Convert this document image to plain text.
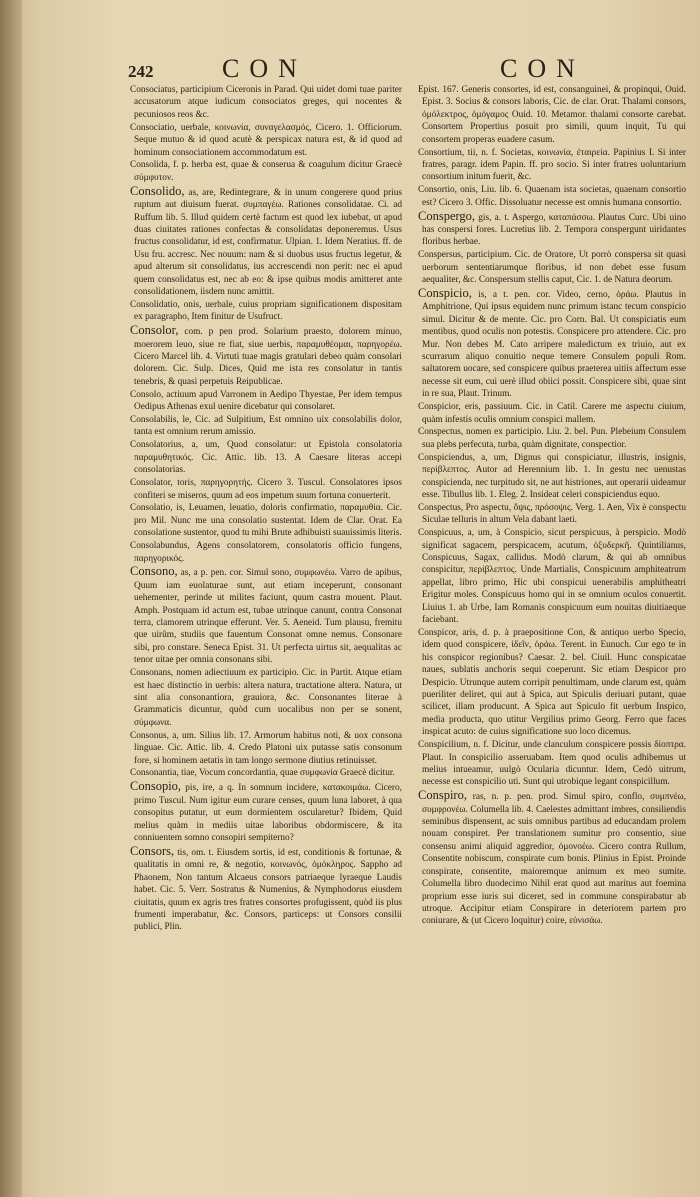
242	CON	CON

Consociatus, participium Ciceronis in Parad. Qui uidet domi tuae pariter accusatorum atque iudicum consociatos greges, qui nocentes & pecuniosos reos &c.

Consociatio, uerbale, κοινωνία, συναγελασμός, Cicero. 1. Officiorum. Seque mutuo & id quod acutè & perspicax natura est, & id quod ad hominum consociationem accommodatum est.

Consolida, f. p. herba est, quae & conserua & coagulum dicitur Graecè σύμφυτον.

Consolido, as, are, Redintegrare, & in unum congerere quod prius ruptum aut diuisum fuerat. συμπαγέω. Rationes consolidatae. Ci. ad Ruffum lib. 5. Illud quidem certè factum est quod lex iubebat, ut apud duas ciuitates rationes confectas & consolidatas deponeremus. Usus fructus consolidatur, id est, confirmatur. Ulpian. 1. Idem Neratius. ff. de Usu fru. accresc. Nec nouum: nam & si duobus usus fructus legetur, & apud alterum sit consolidatus, ius accrescendi non perit: nec ei apud quem consolidatus est, nec ab eo: & ipse quibus modis amitteret ante consolidationem, iisdem nunc amittit.

Consolidatio, onis, uerbale, cuius propriam significationem dispositam ex paragrapho, Item finitur de Usufruct.

Consolor, com. p pen prod. Solarium praesto, dolorem minuo, moerorem leuo, siue re fiat, siue uerbis, παραμυθέομαι, παρηγορέω. Cicero Marcel lib. 4. Virtuti tuae magis gratulari debeo quàm consolari dolorem. Cic. Sulp. Dices, Quid me ista res consolatur in tantis tenebris, & quasi perpetuis Reipublicae.

Consolo, actiuum apud Varronem in Aedipo Thyestae, Per idem tempus Oedipus Athenas exul uenire dicebatur qui consolaret.

Consolabilis, le, Cic. ad Sulpitium, Est omnino uix consolabilis dolor, tanta est omnium rerum amissio.

Consolatorius, a, um, Quod consolatur: ut Epistola consolatoria παραμυθητικός. Cic. Attic. lib. 13. A Caesare literas accepi consolatorias.

Consolator, toris, παρηγορητής. Cicero 3. Tuscul. Consolatores ipsos confiteri se miseros, quum ad eos impetum suum fortuna conuerterit.

Consolatio, is, Leuamen, leuatio, doloris confirmatio, παραμυθία. Cic. pro Mil. Nunc me una consolatio sustentat. Idem de Clar. Orat. Ea consolatione sustentor, quod tu mihi Brute adhibuisti suauissimis literis.

Consolabundus, Agens consolatorem, consolatoris officio fungens, παρηγορικός.

Consono, as, a p. pen. cor. Simul sono, συμφωνέω. Varro de apibus, Quum iam euolaturae sunt, aut etiam inceperunt, consonant uehementer, perinde ut milites faciunt, quum castra mouent. Plaut. Amph. Postquam id actum est, tubae utrinque canunt, contra Consonat terra, clamorem utrinque efferunt. Ver. 5. Aeneid. Tum plausu, fremitu que uirûm, studiis que fauentum Consonat omne nemus. Consonare sibi, pro constare. Seneca Epist. 31. Ut perfecta uirtus sit, aequalitas ac tenor uitae per omnia consonans sibi.

Consonans, nomen adiectiuum ex participio. Cic. in Partit. Atque etiam est haec distinctio in uerbis: altera natura, tractatione altera. Natura, ut sint alia consonantiora, grauiora, &c. Consonantes literae à Grammaticis dicuntur, quòd cum uocalibus non per se sonent, σύμφωνα.

Consonus, a, um. Silius lib. 17. Armorum habitus noti, & uox consona linguae. Cic. Attic. lib. 4. Credo Platoni uix putasse satis consonum fore, si hominem aetatis in tam longo sermone diutius retinuisset.

Consonantia, tiae, Vocum concordantia, quae συμφωνία Graecè dicitur.

Consopio, pis, ire, a q. In somnum incidere, κατακοιμάω. Cicero, primo Tuscul. Num igitur eum curare censes, quum luna laboret, à qua consopitus putatur, ut eum dormientem oscularetur? Ibidem, Quid melius quàm in mediis uitae laboribus obdormiscere, & ita conniuentem somno consopiri sempiterno?

Consors, tis, om. t. Eiusdem sortis, id est, conditionis & fortunae, & qualitatis in omni re, & negotio, κοινωνός, ὁμόκληρος. Sappho ad Phaonem, Non tantum Alcaeus consors patriaeque lyraeque Laudis habet. Cic. 5. Verr. Sostratus & Numenius, & Nymphodorus eiusdem ciuitatis, quum ex agris tres fratres consortes profugissent, quòd iis plus frumenti imperabatur, &c. Consors, particeps: ut Consors consilii publici, Plin.

Epist. 167. Generis consortes, id est, consanguinei, & propinqui, Ouid. Epist. 3. Socius & consors laboris, Cic. de clar. Orat. Thalami consors, ὁμόλεκτρος, ὁμόγαμος Ouid. 10. Metamor. thalami consorte carebat. Consortem Propertius posuit pro simili, quum inquit, Tu qui consortem properas euadere casum.

Consortium, tii, n. f. Societas, κοινωνία, ἐταιρεία. Papinius I. Si inter fratres, paragr. idem Papin. ff. pro socio. Si inter fratres uoluntarium consortium initum fuerit, &c.

Consortio, onis, Liu. lib. 6. Quaenam ista societas, quaenam consortio est? Cicero 3. Offic. Dissoluatur necesse est omnis humana consortio.

Conspergo, gis, a. t. Aspergo, καταπάσσω. Plautus Curc. Ubi uino has conspersi fores. Lucretius lib. 2. Tempora conspergunt uiridantes floribus herbae.

Conspersus, participium. Cic. de Oratore, Ut porrò conspersa sit quasi uerborum sententiarumque floribus, id non debet esse fusum aequaliter, &c. Conspersum stellis caput, Cic. 1. de Natura deorum.

Conspicio, is, a t. pen. cor. Video, cerno, ὁράω. Plautus in Amphitrione, Qui ipsus equidem nunc primum istanc tecum conspicio simul. Dicitur & de mente. Cic. pro Corn. Bal. Ut conspiciatis eum mentibus, quod oculis non potestis. Conspicere pro attendere. Cic. pro Mur. Non debes M. Cato arripere maledictum ex triuio, aut ex scurrarum aliquo conuitio neque temere Consulem populi Rom. saltatorem uocare, sed conspicere quibus praeterea uitiis affectum esse necesse sit eum, cui uerè illud obiici possit. Conspicere sibi, quae sint in re sua, Plaut. Trinum.

Conspicior, eris, passiuum. Cic. in Catil. Carere me aspectu ciuium, quàm infestis oculis omnium conspici mallem.

Conspectus, nomen ex participio. Liu. 2. bel. Pun. Plebeium Consulem sua plebs perfecuta, turba, quàm dignitate, conspectior.

Conspiciendus, a, um, Dignus qui conspiciatur, illustris, insignis, περίβλεπτος. Autor ad Herennium lib. 1. In gestu nec uenustas conspicienda, nec turpitudo sit, ne aut histriones, aut operarii uideamur esse. Tibullus lib. 1. Eleg. 2. Insideat celeri conspiciendus equo.

Conspectus, Pro aspectu, ὄψις, πρόσοψις. Verg. 1. Aen, Vix è conspectu Siculae telluris in altum Vela dabant laeti.

Conspicuus, a, um, à Conspicio, sicut perspicuus, à perspicio. Modò significat sagacem, perspicacem, acutum, ὀξυδερκῆ. Quintilianus, Conspicuus, Sagax, callidus. Modò clarum, & qui ab omnibus conspicitur, περίβλεπτος. Unde Martialis, Conspicuum amphiteatrum appellat, libro primo, Hic ubi conspicui uenerabilis amphitheatri Erigitur moles. Conspicuus homo qui in se omnium oculos conuertit. Liuius 1. ab Urbe, Iam Romanis conspicuum eum nouitas diuitiaeque faciebant.

Conspicor, aris, d. p. à praepositione Con, & antiquo uerbo Specio, idem quod conspicere, ἰδεῖν, ὁράω. Terent. in Eunuch. Cur ego te in his conspicor regionibus? Caesar. 2. bel. Ciuil. Hunc conspicatae naues, sublatis anchoris sequi coeperunt. Sic etiam Despicor pro Despicio. Utrunque autem corripit penultimam, unde clarum est, quàm pueriliter deliret, qui aut à Spica, aut Spiculis deriuari putant, quae scilicet, illam producunt. A Spica aut Spiculo fit uerbum Inspico, media producta, quo utitur Vergilius primo Georg. Ferro que faces inspicat acuto: de cuius significatione suo loco dicemus.

Conspicilium, n. f. Dicitur, unde clanculum conspicere possis δίοπτρα. Plaut. In conspicilio asseruabam. Item quod oculis adhibemus ut melius intueamur, uulgò Ocularia dicuntur. Idem, Cedò uitrum, necesse est conspicilio uti. Sunt qui utrobique legant conspicillum.

Conspiro, ras, n. p. pen. prod. Simul spiro, conflo, συμπνέω, συμφρονέω. Columella lib. 4. Caelestes admittant imbres, consiliendis seminibus dispensent, ac suis omnibus partibus ad educandam prolem nouam conspiret. Per translationem sumitur pro consentio, siue consensu animi aliquid aggredior, ὁμονοέω. Cicero contra Rullum, Consentite nobiscum, conspirate cum bonis. Plinius in Epist. Proinde conspirate, consentite, maioremque animum ex meo sumite. Columella libro duodecimo Nihil erat quod aut maritus aut foemina proprium esse iuris sui diceret, sed in commune conspirabatur ab utroque. Accipitur etiam Conspirare in deteriorem partem pro coniurare, & (ut Cicero loquitur) coire, εὐνισάω.
